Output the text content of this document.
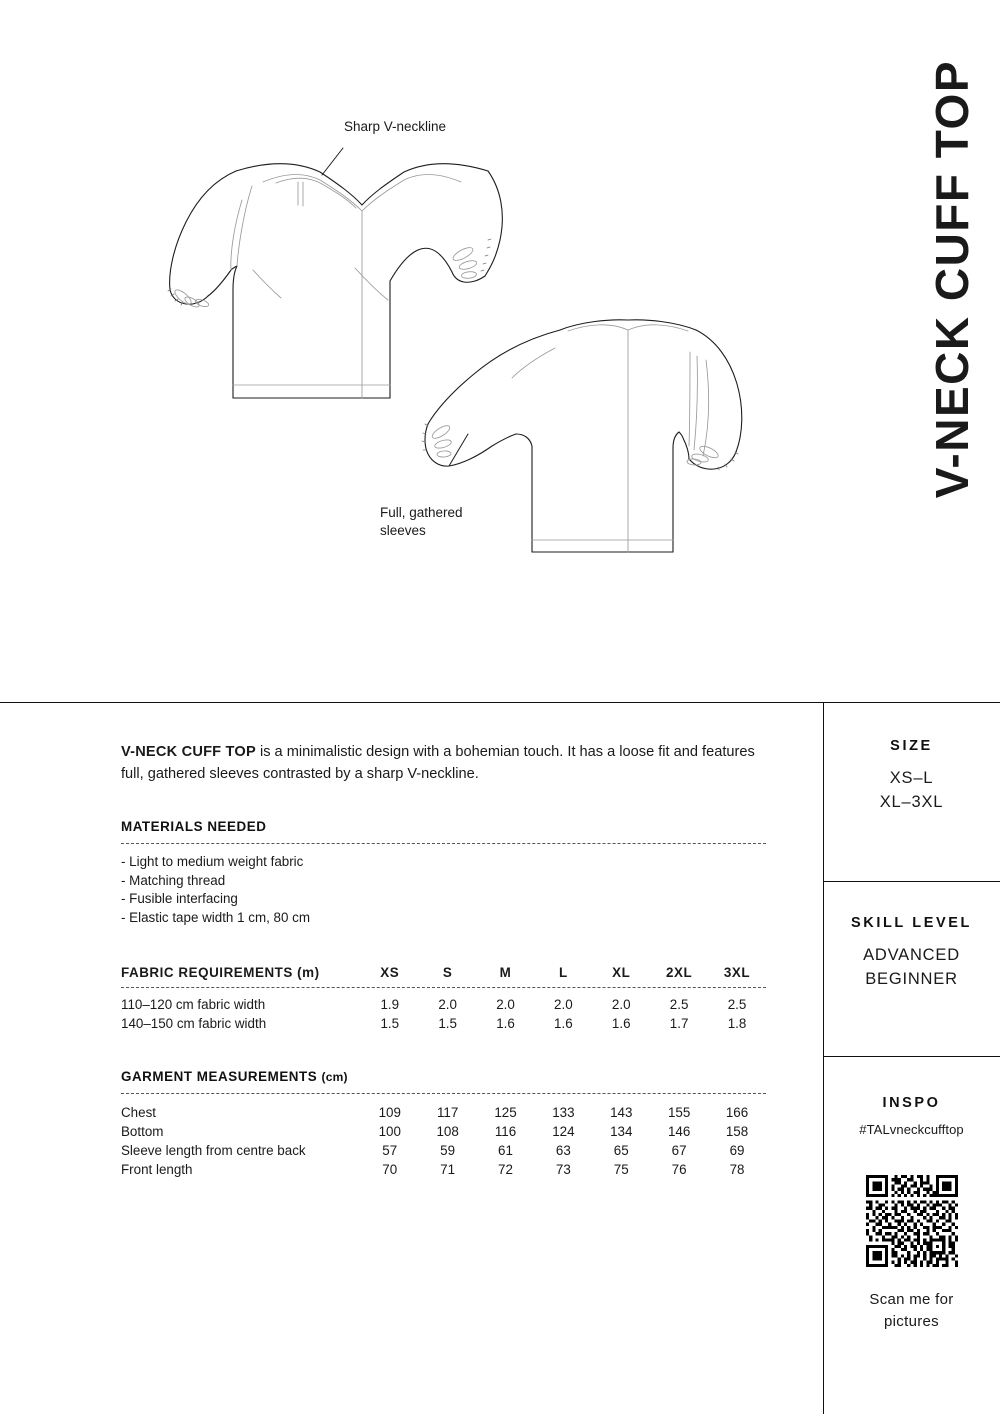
V-NECK CUFF TOP
Sharp V-neckline
Full, gathered
sleeves

V-NECK CUFF TOP is a minimalistic design with a bohemian touch. It has a loose fit and features full, gathered sleeves contrasted by a sharp V-neckline.

MATERIALS NEEDED
- Light to medium weight fabric
- Matching thread
- Fusible interfacing
- Elastic tape width 1 cm, 80 cm
FABRIC REQUIREMENTS (m)	XS	S	M	L	XL	2XL	3XL

110–120 cm fabric width	1.9	2.0	2.0	2.0	2.0	2.5	2.5
140–150 cm fabric width	1.5	1.5	1.6	1.6	1.6	1.7	1.8
GARMENT MEASUREMENTS (cm)
Chest	109	117	125	133	143	155	166
Bottom	100	108	116	124	134	146	158
Sleeve length from centre back	57	59	61	63	65	67	69
Front length	70	71	72	73	75	76	78
SIZE
XS–L
XL–3XL
SKILL LEVEL
ADVANCED
BEGINNER
INSPO
#TALvneckcufftop
Scan me for
pictures
